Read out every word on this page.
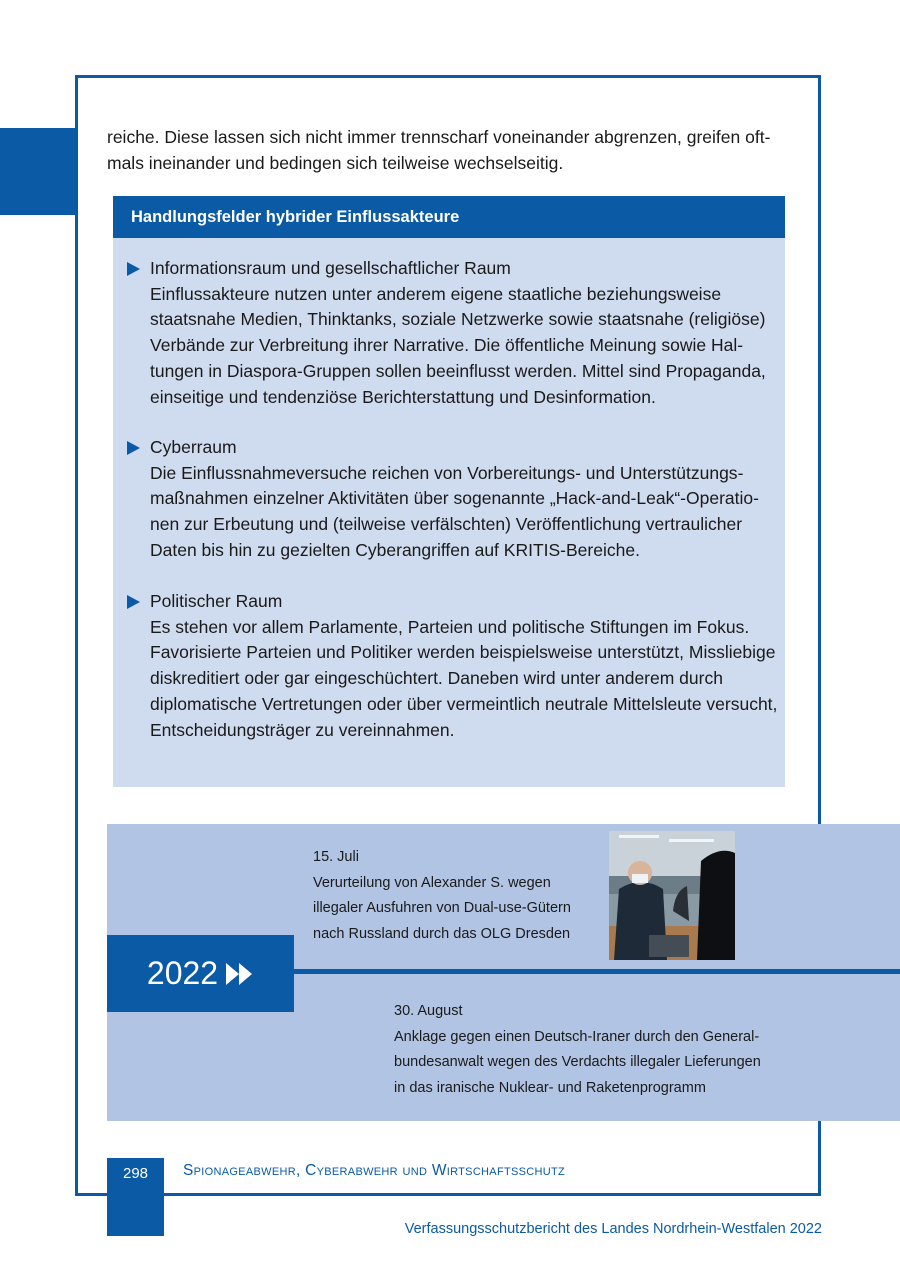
reiche. Diese lassen sich nicht immer trennscharf voneinander abgrenzen, greifen oftmals ineinander und bedingen sich teilweise wechselseitig.

Handlungsfelder hybrider Einflussakteure

Informationsraum und gesellschaftlicher Raum

Einflussakteure nutzen unter anderem eigene staatliche beziehungsweise staatsnahe Medien, Thinktanks, soziale Netzwerke sowie staatsnahe (religiöse) Verbände zur Verbreitung ihrer Narrative. Die öffentliche Meinung sowie Haltungen in Diaspora-Gruppen sollen beeinflusst werden. Mittel sind Propaganda, einseitige und tendenziöse Berichterstattung und Desinformation.

Cyberraum

Die Einflussnahmeversuche reichen von Vorbereitungs- und Unterstützungsmaßnahmen einzelner Aktivitäten über sogenannte „Hack-and-Leak“-Operationen zur Erbeutung und (teilweise verfälschten) Veröffentlichung vertraulicher Daten bis hin zu gezielten Cyberangriffen auf KRITIS-Bereiche.

Politischer Raum

Es stehen vor allem Parlamente, Parteien und politische Stiftungen im Fokus. Favorisierte Parteien und Politiker werden beispielsweise unterstützt, Missliebige diskreditiert oder gar eingeschüchtert. Daneben wird unter anderem durch diplomatische Vertretungen oder über vermeintlich neutrale Mittelsleute versucht, Entscheidungsträger zu vereinnahmen.

15. Juli

Verurteilung von Alexander S. wegen

illegaler Ausfuhren von Dual-use-Gütern

nach Russland durch das OLG Dresden

2022

30. August

Anklage gegen einen Deutsch-Iraner durch den General-

bundesanwalt wegen des Verdachts illegaler Lieferungen

in das iranische Nuklear- und Raketenprogramm

298	Spionageabwehr, Cyberabwehr und Wirtschaftsschutz
Verfassungsschutzbericht des Landes Nordrhein-Westfalen 2022
